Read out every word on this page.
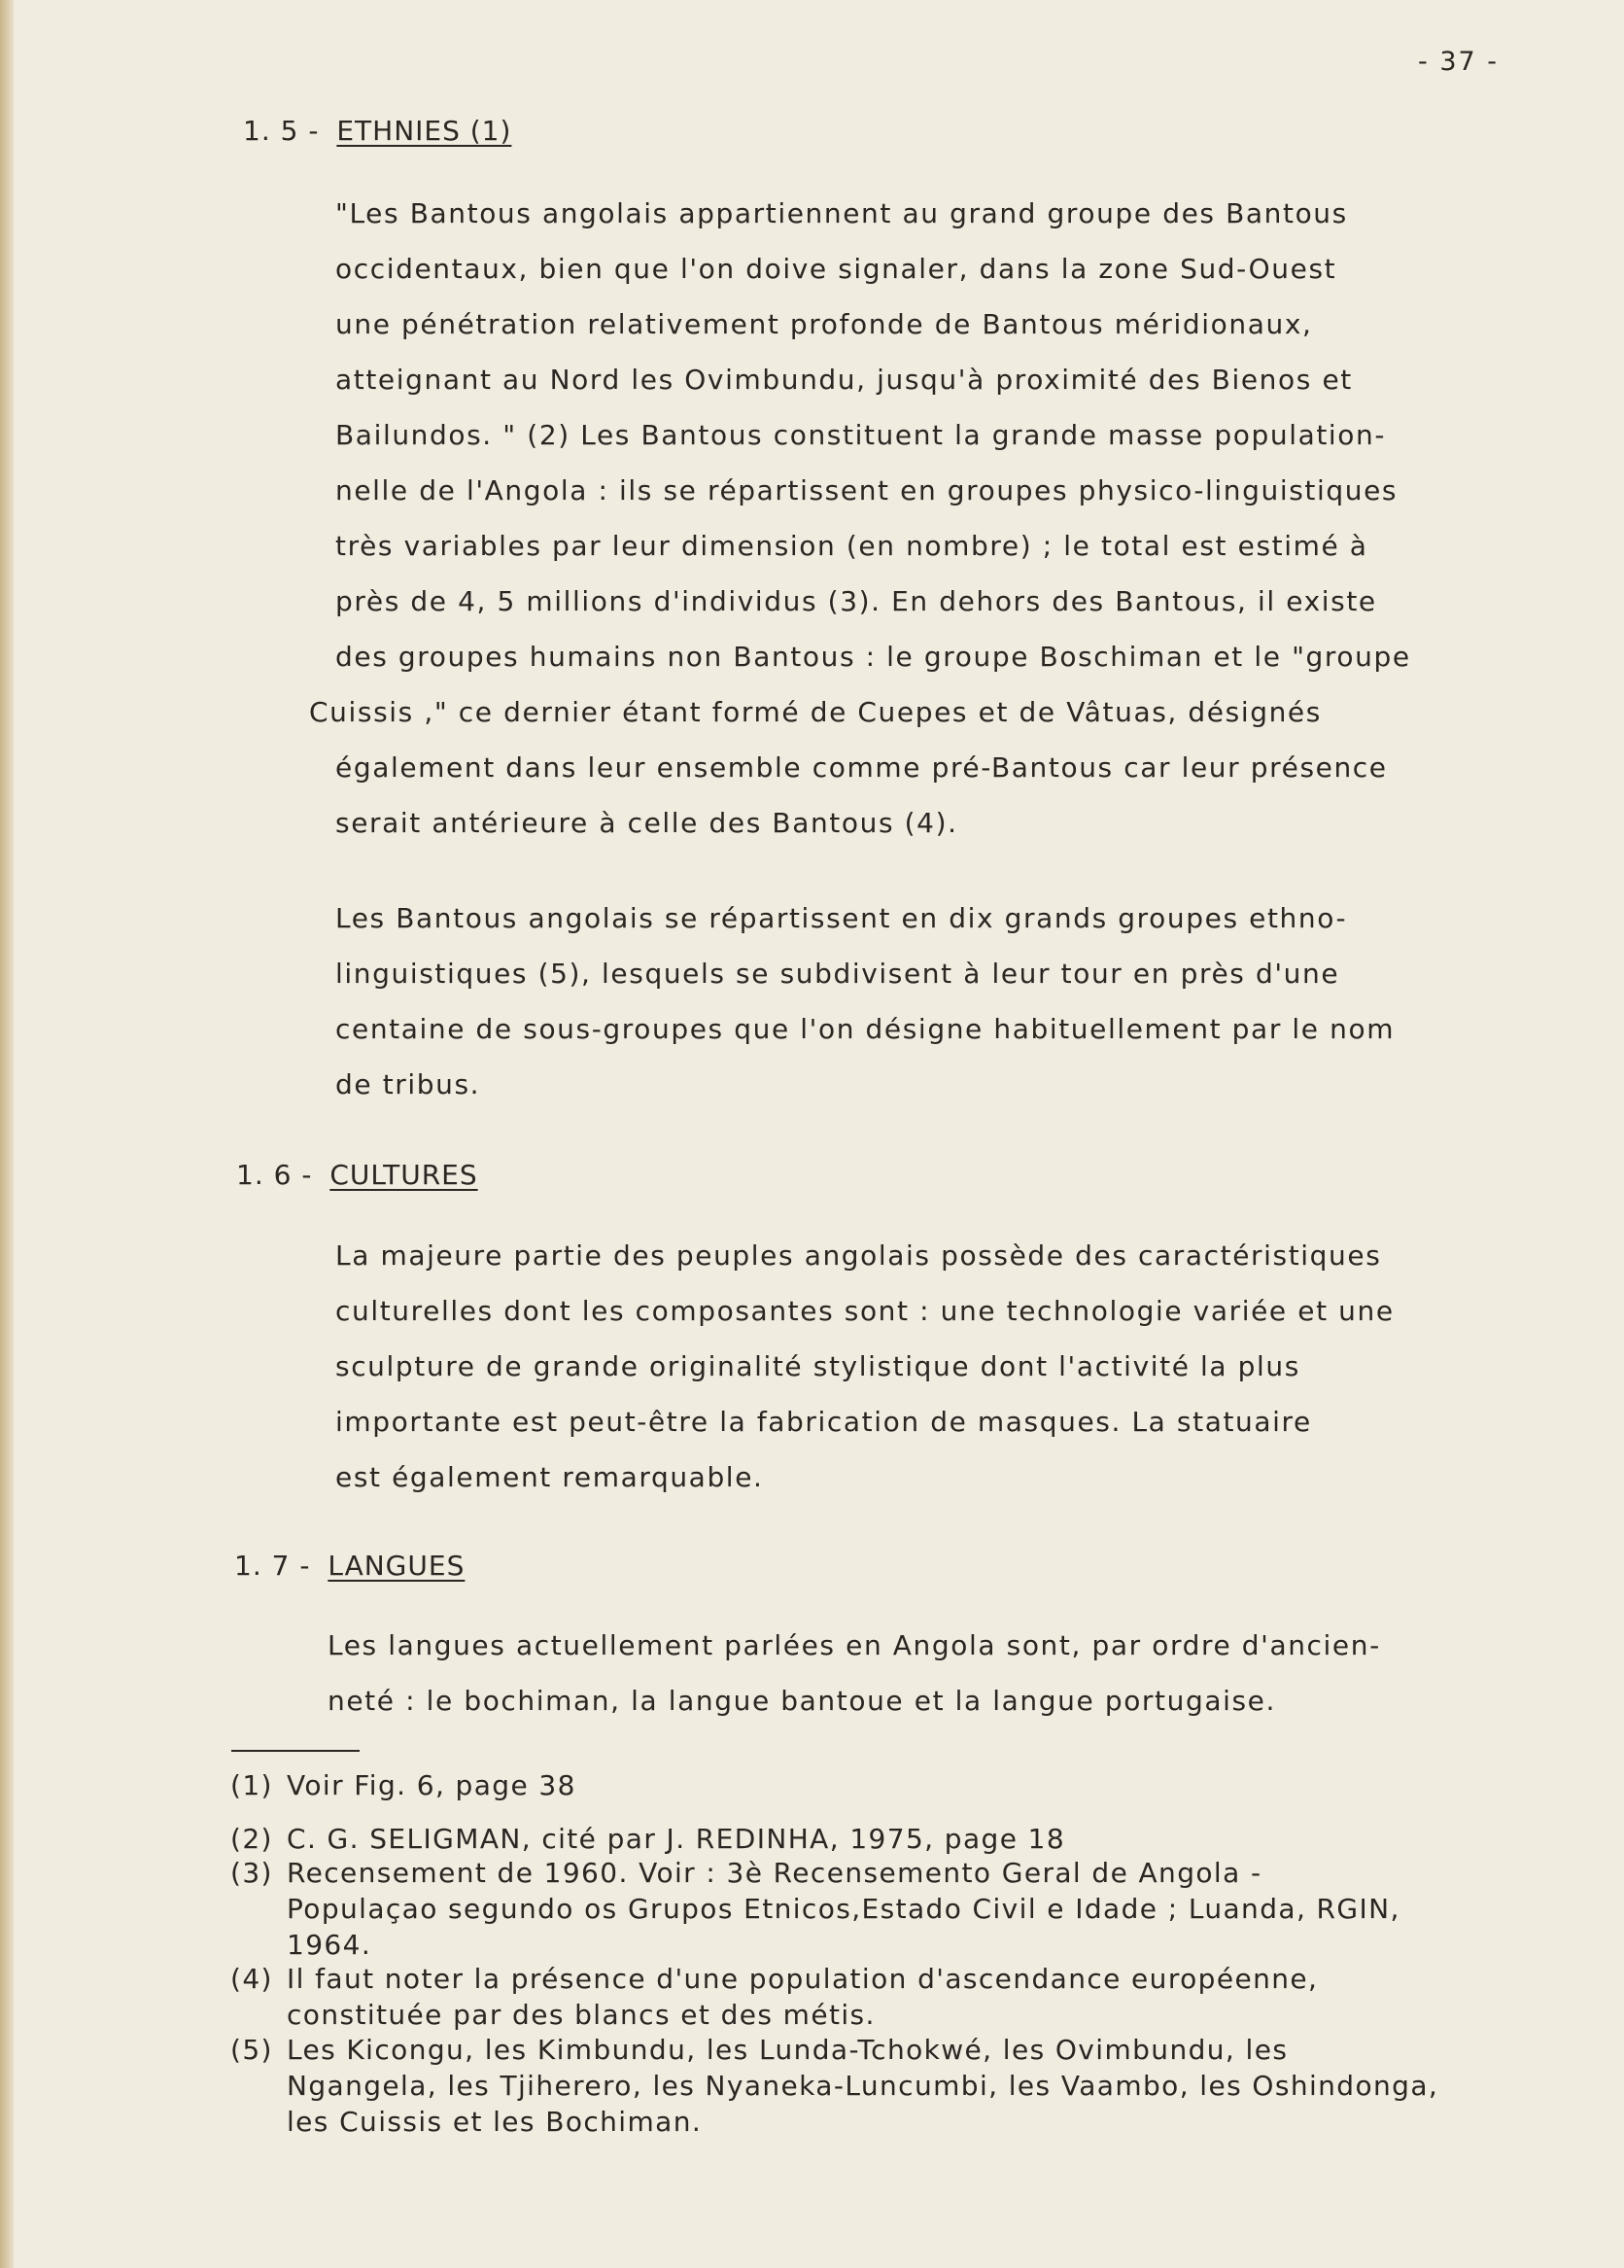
- 37 -
1. 5 - ETHNIES (1)
"Les Bantous angolais appartiennent au grand groupe des Bantous
occidentaux, bien que l'on doive signaler, dans la zone Sud-Ouest
une pénétration relativement profonde de Bantous méridionaux,
atteignant au Nord les Ovimbundu, jusqu'à proximité des Bienos et
Bailundos. " (2) Les Bantous constituent la grande masse population-
nelle de l'Angola : ils se répartissent en groupes physico-linguistiques
très variables par leur dimension (en nombre) ; le total est estimé à
près de 4, 5 millions d'individus (3). En dehors des Bantous, il existe
des groupes humains non Bantous : le groupe Boschiman et le "groupe
Cuissis ," ce dernier étant formé de Cuepes et de Vâtuas, désignés
également dans leur ensemble comme pré-Bantous car leur présence
serait antérieure à celle des Bantous (4).
Les Bantous angolais se répartissent en dix grands groupes ethno-
linguistiques (5), lesquels se subdivisent à leur tour en près d'une
centaine de sous-groupes que l'on désigne habituellement par le nom
de tribus.
1. 6 - CULTURES
La majeure partie des peuples angolais possède des caractéristiques
culturelles dont les composantes sont : une technologie variée et une
sculpture de grande originalité stylistique dont l'activité la plus
importante est peut-être la fabrication de masques. La statuaire
est également remarquable.
1. 7 - LANGUES
Les langues actuellement parlées en Angola sont, par ordre d'ancien-
neté : le bochiman, la langue bantoue et la langue portugaise.
(1) Voir Fig. 6, page 38
(2) C. G. SELIGMAN, cité par J. REDINHA, 1975, page 18
(3) Recensement de 1960. Voir : 3è Recensemento Geral de Angola -
Populaçao segundo os Grupos Etnicos,Estado Civil e Idade ; Luanda, RGIN,
1964.
(4) Il faut noter la présence d'une population d'ascendance européenne,
constituée par des blancs et des métis.
(5) Les Kicongu, les Kimbundu, les Lunda-Tchokwé, les Ovimbundu, les
Ngangela, les Tjiherero, les Nyaneka-Luncumbi, les Vaambo, les Oshindonga,
les Cuissis et les Bochiman.
